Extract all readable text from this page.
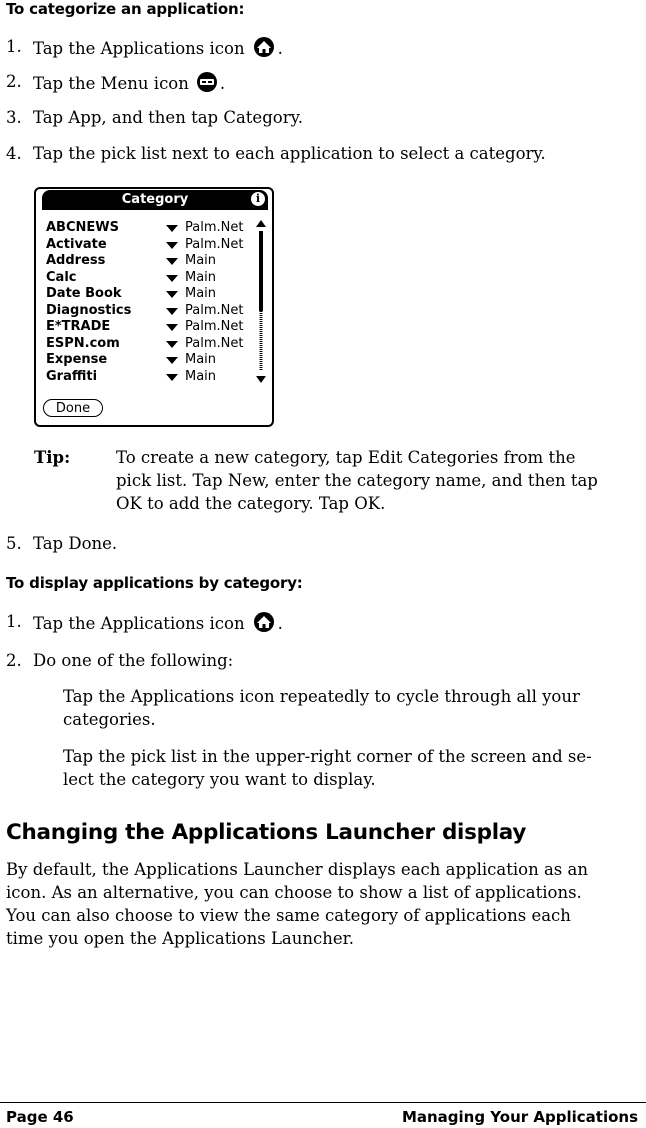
To categorize an application:
1. Tap the Applications icon .
2. Tap the Menu icon .
3. Tap App, and then tap Category.
4. Tap the pick list next to each application to select a category.
Category	i
ABCNEWS	Palm.Net
Activate	Palm.Net
Address	Main
Calc	Main
Date Book	Main
Diagnostics	Palm.Net
E*TRADE	Palm.Net
ESPN.com	Palm.Net
Expense	Main
Graffiti	Main
Done
Tip:	To create a new category, tap Edit Categories from the
pick list. Tap New, enter the category name, and then tap
OK to add the category. Tap OK.
5. Tap Done.
To display applications by category:
1. Tap the Applications icon .
2. Do one of the following:
Tap the Applications icon repeatedly to cycle through all your
categories.
Tap the pick list in the upper-right corner of the screen and se-
lect the category you want to display.
Changing the Applications Launcher display
By default, the Applications Launcher displays each application as an
icon. As an alternative, you can choose to show a list of applications.
You can also choose to view the same category of applications each
time you open the Applications Launcher.
Page 46	Managing Your Applications
